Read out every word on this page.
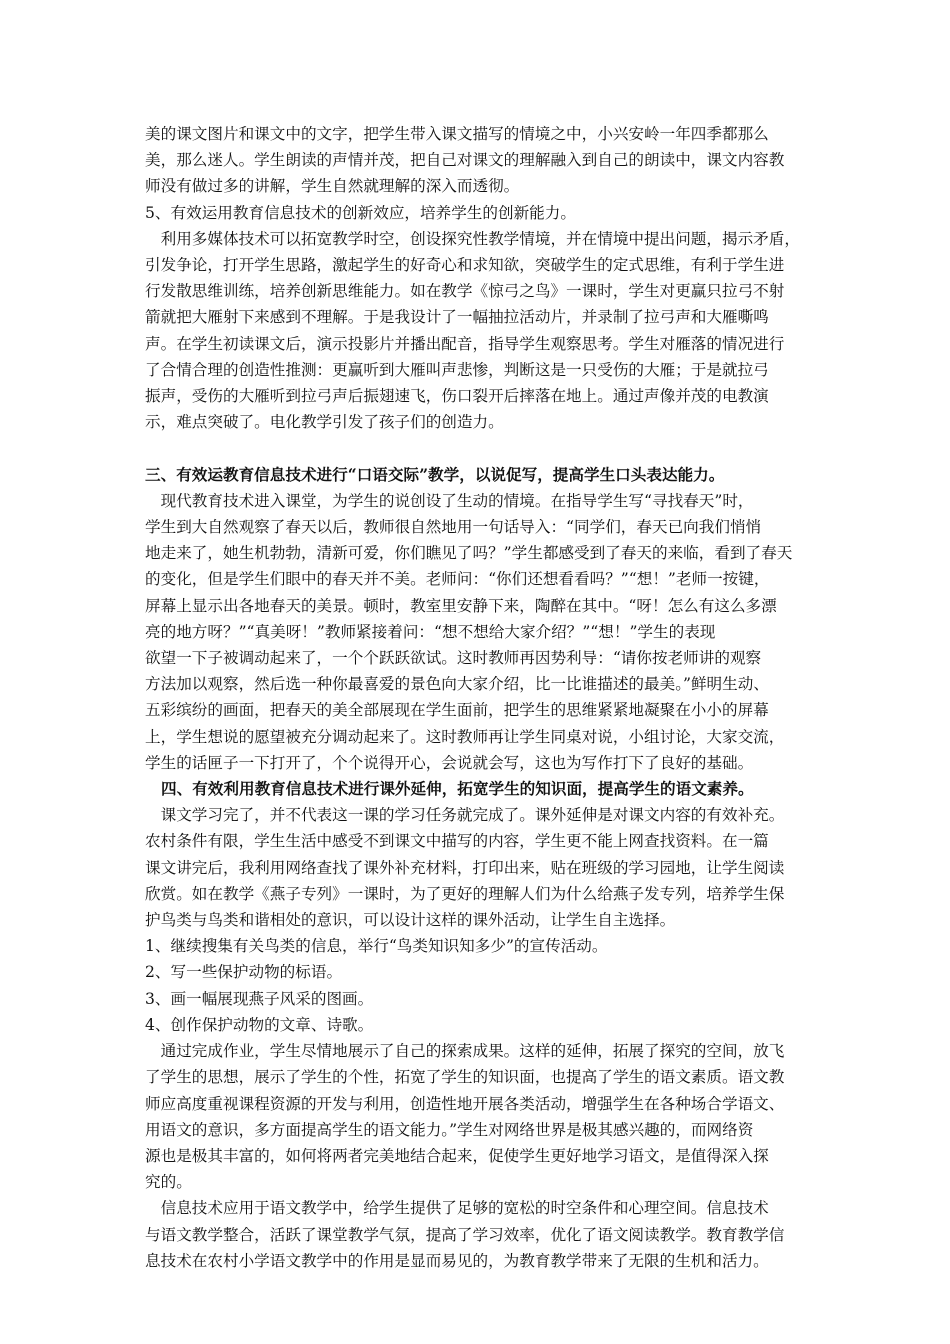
美的课文图片和课文中的文字，把学生带入课文描写的情境之中，小兴安岭一年四季都那么
美，那么迷人。学生朗读的声情并茂，把自己对课文的理解融入到自己的朗读中，课文内容教
师没有做过多的讲解，学生自然就理解的深入而透彻。
5、有效运用教育信息技术的创新效应，培养学生的创新能力。
　利用多媒体技术可以拓宽教学时空，创设探究性教学情境，并在情境中提出问题，揭示矛盾，
引发争论，打开学生思路，激起学生的好奇心和求知欲，突破学生的定式思维，有利于学生进
行发散思维训练，培养创新思维能力。如在教学《惊弓之鸟》一课时，学生对更赢只拉弓不射
箭就把大雁射下来感到不理解。于是我设计了一幅抽拉活动片，并录制了拉弓声和大雁嘶鸣
声。在学生初读课文后，演示投影片并播出配音，指导学生观察思考。学生对雁落的情况进行
了合情合理的创造性推测：更赢听到大雁叫声悲惨，判断这是一只受伤的大雁；于是就拉弓
振声，受伤的大雁听到拉弓声后振翅速飞，伤口裂开后摔落在地上。通过声像并茂的电教演
示，难点突破了。电化教学引发了孩子们的创造力。
三、有效运教育信息技术进行“口语交际”教学，以说促写，提高学生口头表达能力。
　现代教育技术进入课堂，为学生的说创设了生动的情境。在指导学生写“寻找春天”时，
学生到大自然观察了春天以后，教师很自然地用一句话导入：“同学们，春天已向我们悄悄
地走来了，她生机勃勃，清新可爱，你们瞧见了吗？”学生都感受到了春天的来临，看到了春天
的变化，但是学生们眼中的春天并不美。老师问：“你们还想看看吗？”“想！”老师一按键，
屏幕上显示出各地春天的美景。顿时，教室里安静下来，陶醉在其中。“呀！怎么有这么多漂
亮的地方呀？”“真美呀！”教师紧接着问：“想不想给大家介绍？”“想！”学生的表现
欲望一下子被调动起来了，一个个跃跃欲试。这时教师再因势利导：“请你按老师讲的观察
方法加以观察，然后选一种你最喜爱的景色向大家介绍，比一比谁描述的最美。”鲜明生动、
五彩缤纷的画面，把春天的美全部展现在学生面前，把学生的思维紧紧地凝聚在小小的屏幕
上，学生想说的愿望被充分调动起来了。这时教师再让学生同桌对说，小组讨论，大家交流，
学生的话匣子一下打开了，个个说得开心，会说就会写，这也为写作打下了良好的基础。
四、有效利用教育信息技术进行课外延伸，拓宽学生的知识面，提高学生的语文素养。
　课文学习完了，并不代表这一课的学习任务就完成了。课外延伸是对课文内容的有效补充。
农村条件有限，学生生活中感受不到课文中描写的内容，学生更不能上网查找资料。在一篇
课文讲完后，我利用网络查找了课外补充材料，打印出来，贴在班级的学习园地，让学生阅读
欣赏。如在教学《燕子专列》一课时，为了更好的理解人们为什么给燕子发专列，培养学生保
护鸟类与鸟类和谐相处的意识，可以设计这样的课外活动，让学生自主选择。
1、继续搜集有关鸟类的信息，举行“鸟类知识知多少”的宣传活动。
2、写一些保护动物的标语。
3、画一幅展现燕子风采的图画。
4、创作保护动物的文章、诗歌。
　通过完成作业，学生尽情地展示了自己的探索成果。这样的延伸，拓展了探究的空间，放飞
了学生的思想，展示了学生的个性，拓宽了学生的知识面，也提高了学生的语文素质。语文教
师应高度重视课程资源的开发与利用，创造性地开展各类活动，增强学生在各种场合学语文、
用语文的意识，多方面提高学生的语文能力。”学生对网络世界是极其感兴趣的，而网络资
源也是极其丰富的，如何将两者完美地结合起来，促使学生更好地学习语文，是值得深入探
究的。
　信息技术应用于语文教学中，给学生提供了足够的宽松的时空条件和心理空间。信息技术
与语文教学整合，活跃了课堂教学气氛，提高了学习效率，优化了语文阅读教学。教育教学信
息技术在农村小学语文教学中的作用是显而易见的，为教育教学带来了无限的生机和活力。
